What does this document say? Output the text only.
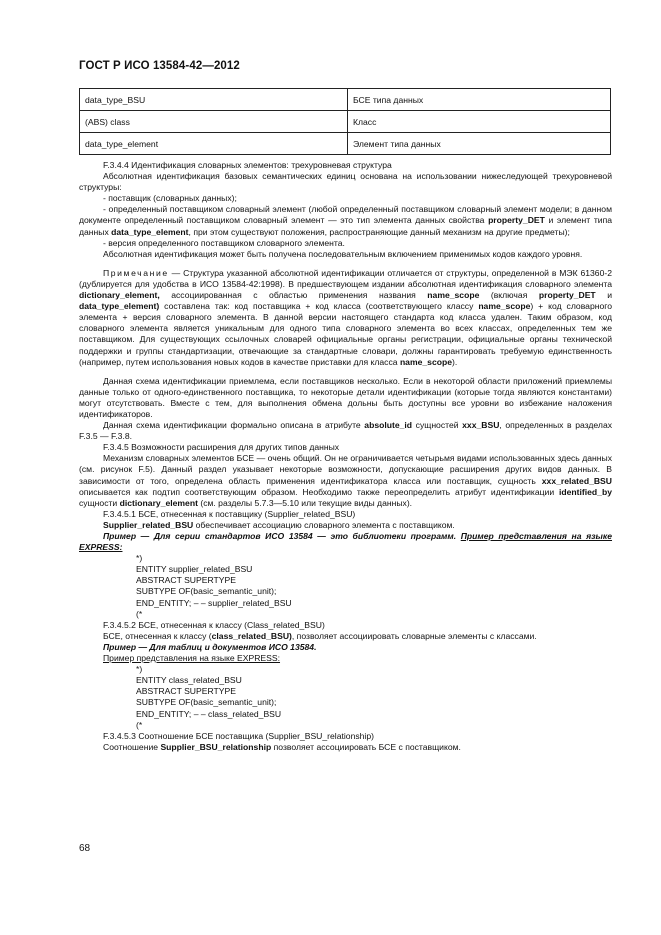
ГОСТ Р ИСО 13584-42—2012
data_type_BSU	БСЕ типа данных
(ABS) class	Класс
data_type_element	Элемент типа данных

F.3.4.4 Идентификация словарных элементов: трехуровневая структура

Абсолютная идентификация базовых семантических единиц основана на использовании нижеследующей трехуровневой структуры:

- поставщик (словарных данных);

- определенный поставщиком словарный элемент (любой определенный поставщиком словарный элемент модели; в данном документе определенный поставщиком словарный элемент — это тип элемента данных свойства property_DET и элемент типа данных data_type_element, при этом существуют положения, распространяющие данный механизм на другие предметы);

- версия определенного поставщиком словарного элемента.

Абсолютная идентификация может быть получена последовательным включением применимых кодов каждого уровня.

Примечание — Структура указанной абсолютной идентификации отличается от структуры, определенной в МЭК 61360-2 (дублируется для удобства в ИСО 13584-42:1998). В предшествующем издании абсолютная идентификация словарного элемента dictionary_element, ассоциированная с областью применения названия name_scope (включая property_DET и data_type_element) составлена так: код поставщика + код класса (соответствующего классу name_scope) + код словарного элемента + версия словарного элемента. В данной версии настоящего стандарта код класса удален. Таким образом, код словарного элемента является уникальным для одного типа словарного элемента во всех классах, определенных тем же поставщиком. Для существующих ссылочных словарей официальные органы регистрации, официальные органы технической поддержки и группы стандартизации, отвечающие за стандартные словари, должны гарантировать требуемую единственность (например, путем использования новых кодов в качестве приставки для класса name_scope).

Данная схема идентификации приемлема, если поставщиков несколько. Если в некоторой области приложений приемлемы данные только от одного-единственного поставщика, то некоторые детали идентификации (которые тогда являются константами) могут отсутствовать. Вместе с тем, для выполнения обмена дольны быть доступны все уровни во избежание наложения идентификаторов.

Данная схема идентификации формально описана в атрибуте absolute_id сущностей xxx_BSU, определенных в разделах F.3.5 — F.3.8.

F.3.4.5 Возможности расширения для других типов данных

Механизм словарных элементов БСЕ — очень общий. Он не ограничивается четырьмя видами использованных здесь данных (см. рисунок F.5). Данный раздел указывает некоторые возможности, допускающие расширения других видов данных. В зависимости от того, определена область применения идентификатора класса или поставщик, сущность xxx_related_BSU описывается как подтип соответствующим образом. Необходимо также переопределить атрибут идентификации identified_by сущности dictionary_element (см. разделы 5.7.3—5.10 или текущие виды данных).

F.3.4.5.1 БСЕ, отнесенная к поставщику (Supplier_related_BSU)

Supplier_related_BSU обеспечивает ассоциацию словарного элемента с поставщиком.

Пример — Для серии стандартов ИСО 13584 — это библиотеки программ. Пример представления на языке EXPRESS:

*)

ENTITY supplier_related_BSU

ABSTRACT SUPERTYPE

SUBTYPE OF(basic_semantic_unit);

END_ENTITY; – – supplier_related_BSU

(*

F.3.4.5.2 БСЕ, отнесенная к классу (Class_related_BSU)

БСЕ, отнесенная к классу (class_related_BSU), позволяет ассоциировать словарные элементы с классами.

Пример — Для таблиц и документов ИСО 13584.

Пример представления на языке EXPRESS:

*)

ENTITY class_related_BSU

ABSTRACT SUPERTYPE

SUBTYPE OF(basic_semantic_unit);

END_ENTITY; – – class_related_BSU

(*

F.3.4.5.3 Соотношение БСЕ поставщика (Supplier_BSU_relationship)

Соотношение Supplier_BSU_relationship позволяет ассоциировать БСЕ с поставщиком.

68
